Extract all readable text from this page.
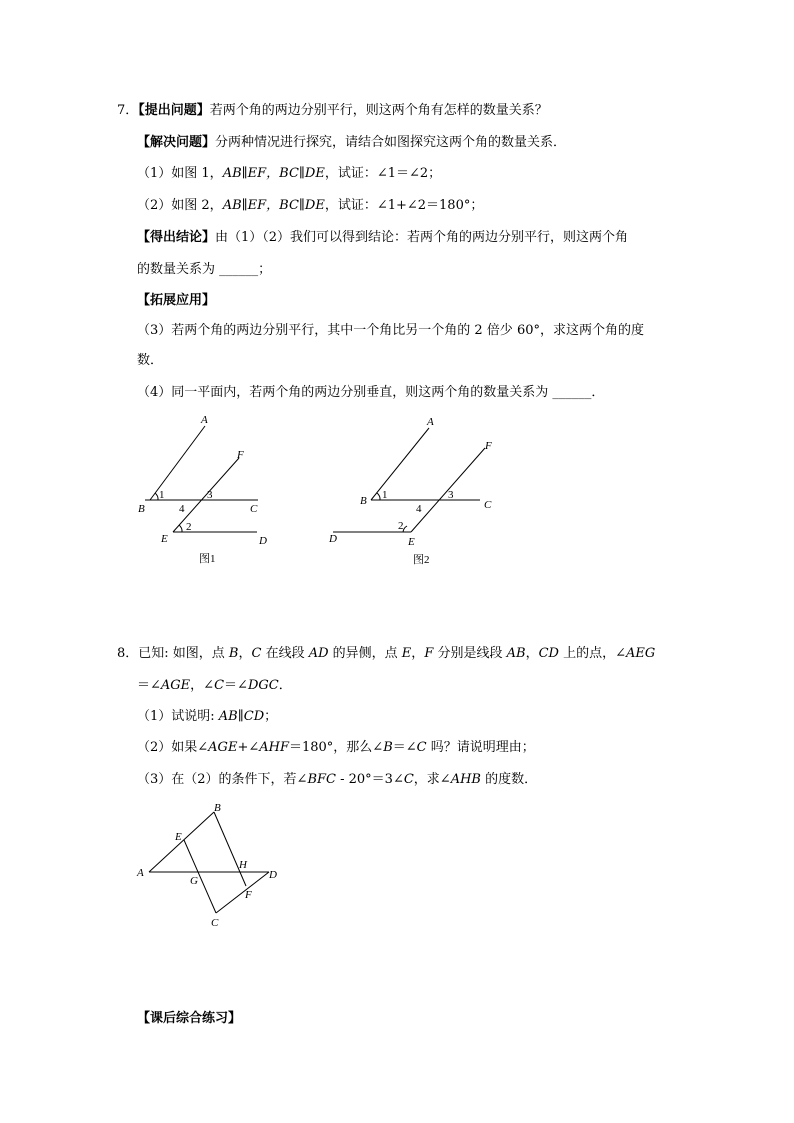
7．【提出问题】若两个角的两边分别平行，则这两个角有怎样的数量关系？
【解决问题】分两种情况进行探究，请结合如图探究这两个角的数量关系．
（1）如图 1，AB∥EF，BC∥DE，试证：∠1＝∠2；
（2）如图 2，AB∥EF，BC∥DE，试证：∠1+∠2＝180°；
【得出结论】由（1）（2）我们可以得到结论：若两个角的两边分别平行，则这两个角
的数量关系为 ______；
【拓展应用】
（3）若两个角的两边分别平行，其中一个角比另一个角的 2 倍少 60°，求这两个角的度
数．
（4）同一平面内，若两个角的两边分别垂直，则这两个角的数量关系为 ______．
B
A
C
F
E	D
1	3
4
2
图1
A
F
B	C
D	E
1	3
4
2
图2
8．已知: 如图，点 B，C 在线段 AD 的异侧，点 E，F 分别是线段 AB，CD 上的点，∠AEG
＝∠AGE，∠C＝∠DGC．
（1）试说明: AB∥CD；
（2）如果∠AGE+∠AHF＝180°，那么∠B＝∠C 吗？请说明理由；
（3）在（2）的条件下，若∠BFC - 20°＝3∠C，求∠AHB 的度数．
B
E
A
G
H
D
F
C
【课后综合练习】
